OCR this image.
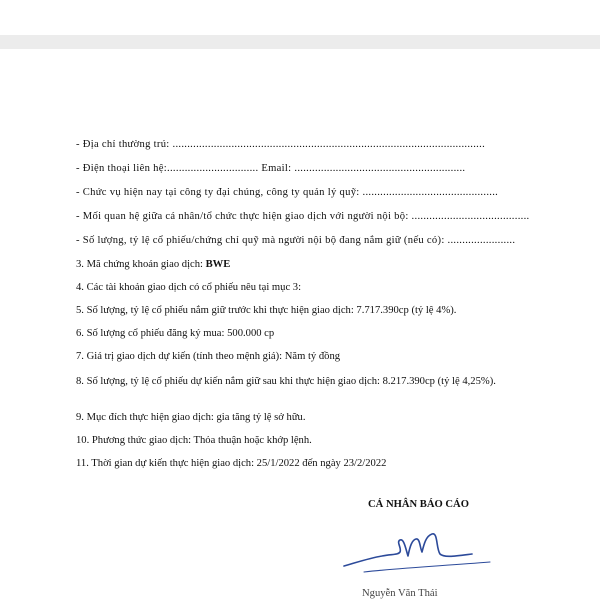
- Địa chỉ thường trú: ..........................................................................................................
- Điện thoại liên hệ:............................... Email: ..........................................................
- Chức vụ hiện nay tại công ty đại chúng, công ty quản lý quỹ: ..............................................
- Mối quan hệ giữa cá nhân/tổ chức thực hiện giao dịch với người nội bộ: ........................................
- Số lượng, tỷ lệ cổ phiếu/chứng chỉ quỹ mà người nội bộ đang nắm giữ (nếu có): .......................
3. Mã chứng khoán giao dịch: BWE
4. Các tài khoản giao dịch có cổ phiếu nêu tại mục 3:
5. Số lượng, tỷ lệ cổ phiếu nắm giữ trước khi thực hiện giao dịch: 7.717.390cp (tỷ lệ 4%).
6. Số lượng cổ phiếu đăng ký mua: 500.000 cp
7. Giá trị giao dịch dự kiến (tính theo mệnh giá): Năm tỷ đồng
8. Số lượng, tỷ lệ cổ phiếu dự kiến nắm giữ sau khi thực hiện giao dịch: 8.217.390cp (tỷ lệ 4,25%).
9. Mục đích thực hiện giao dịch: gia tăng tỷ lệ sở hữu.
10. Phương thức giao dịch: Thỏa thuận hoặc khớp lệnh.
11. Thời gian dự kiến thực hiện giao dịch: 25/1/2022 đến ngày 23/2/2022
CÁ NHÂN BÁO CÁO
Nguyễn Văn Thái
